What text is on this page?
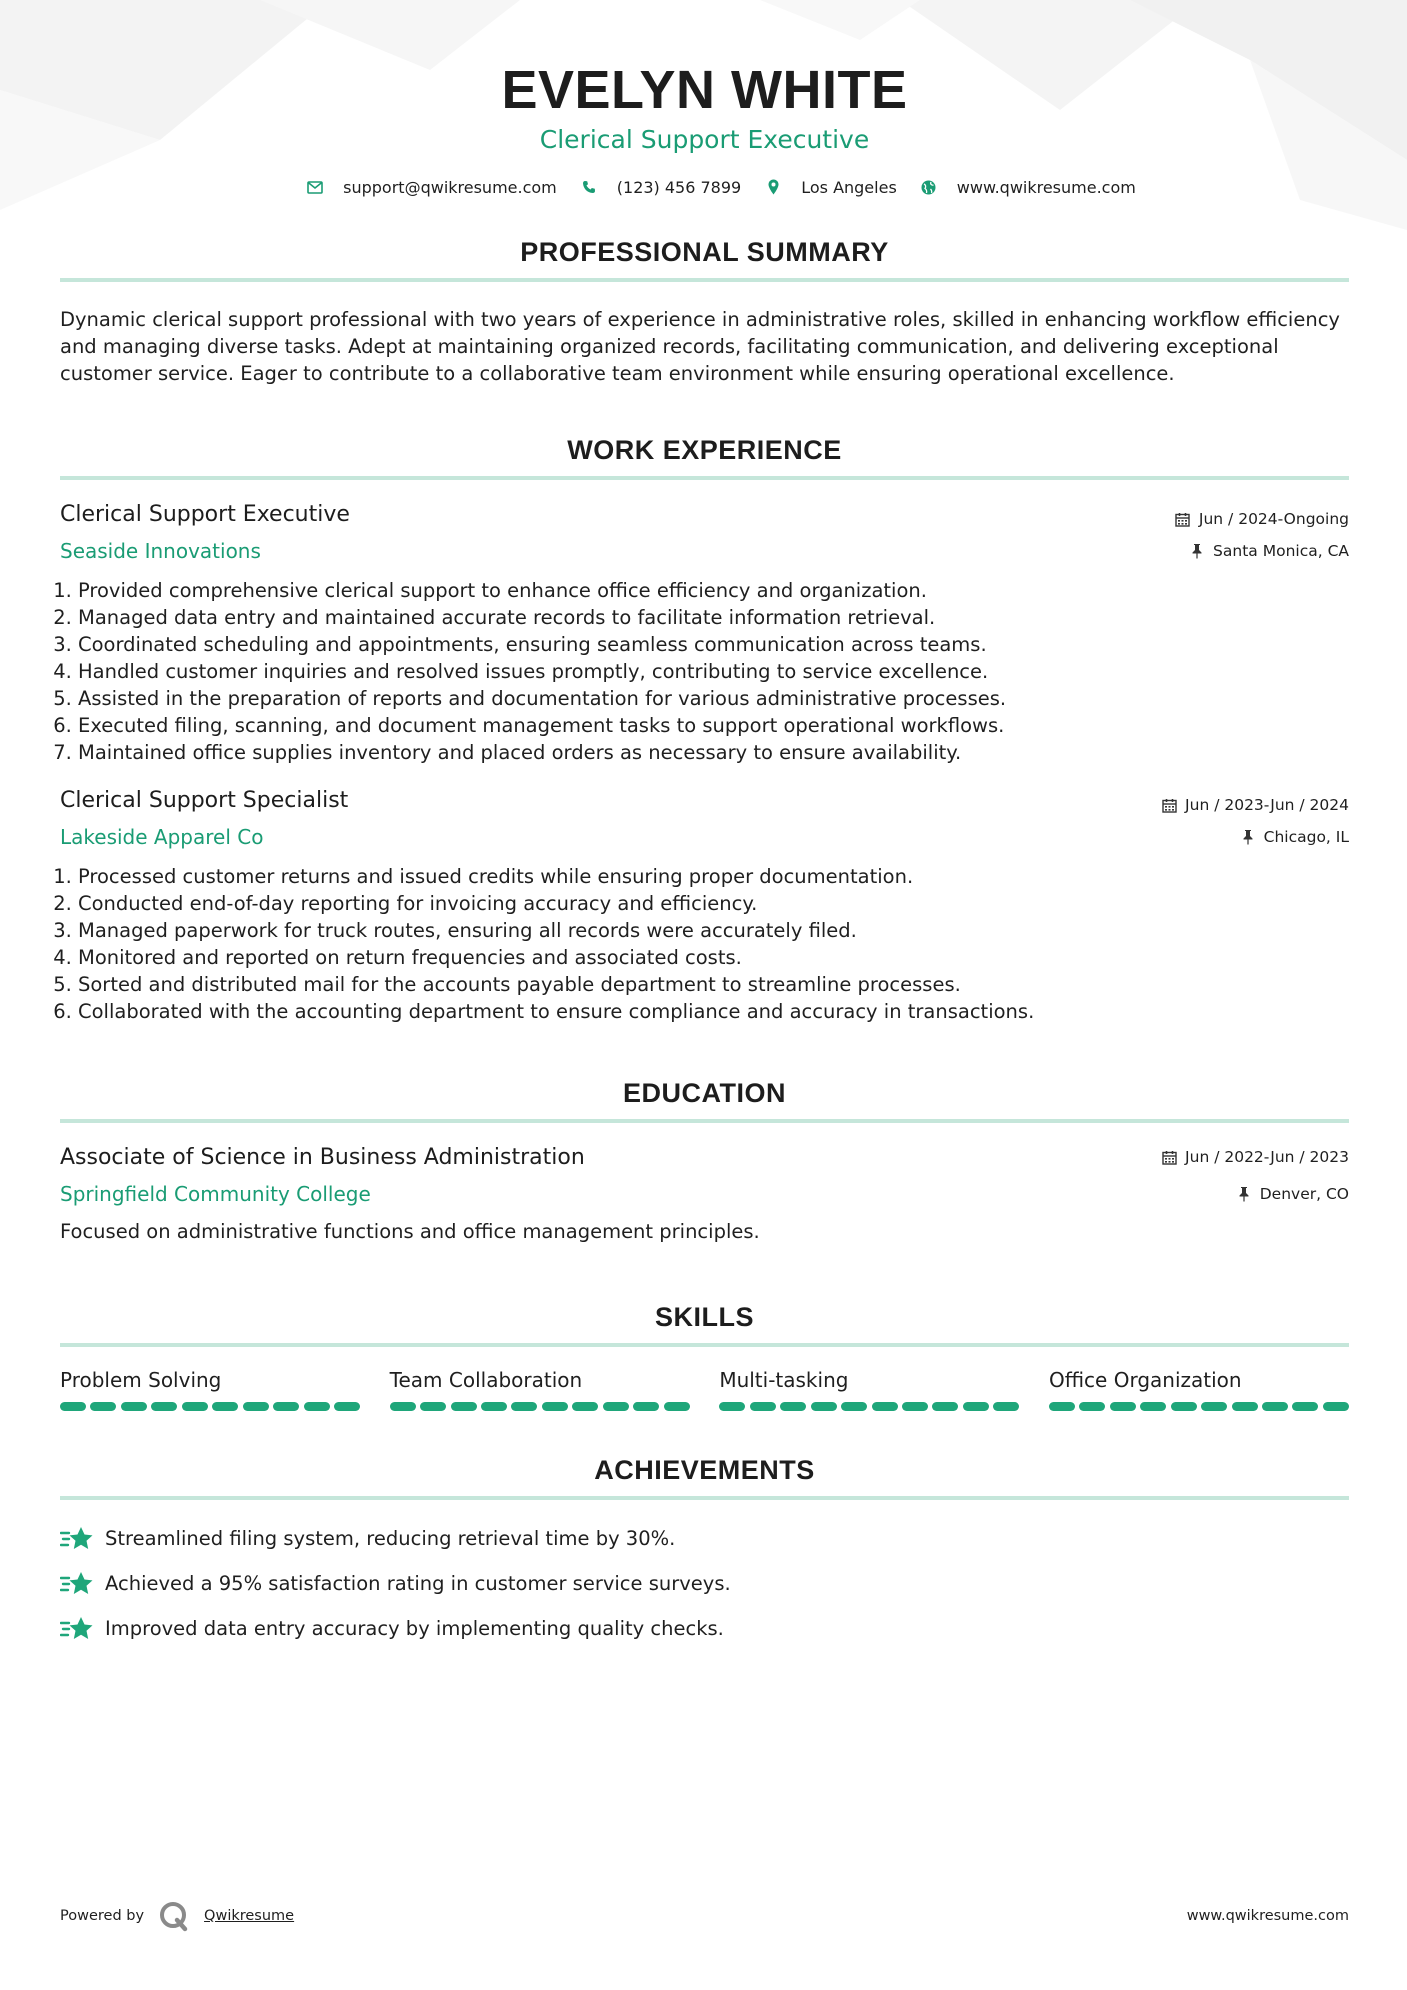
EVELYN WHITE
Clerical Support Executive
support@qwikresume.com	(123) 456 7899	Los Angeles	www.qwikresume.com
PROFESSIONAL SUMMARY

Dynamic clerical support professional with two years of experience in administrative roles, skilled in enhancing workflow efficiency and managing diverse tasks. Adept at maintaining organized records, facilitating communication, and delivering exceptional customer service. Eager to contribute to a collaborative team environment while ensuring operational excellence.

WORK EXPERIENCE
Clerical Support Executive
Seaside Innovations
Jun / 2024-Ongoing
Santa Monica, CA
1. Provided comprehensive clerical support to enhance office efficiency and organization.
2. Managed data entry and maintained accurate records to facilitate information retrieval.
3. Coordinated scheduling and appointments, ensuring seamless communication across teams.
4. Handled customer inquiries and resolved issues promptly, contributing to service excellence.
5. Assisted in the preparation of reports and documentation for various administrative processes.
6. Executed filing, scanning, and document management tasks to support operational workflows.
7. Maintained office supplies inventory and placed orders as necessary to ensure availability.
Clerical Support Specialist
Lakeside Apparel Co
Jun / 2023-Jun / 2024
Chicago, IL
1. Processed customer returns and issued credits while ensuring proper documentation.
2. Conducted end-of-day reporting for invoicing accuracy and efficiency.
3. Managed paperwork for truck routes, ensuring all records were accurately filed.
4. Monitored and reported on return frequencies and associated costs.
5. Sorted and distributed mail for the accounts payable department to streamline processes.
6. Collaborated with the accounting department to ensure compliance and accuracy in transactions.
EDUCATION
Associate of Science in Business Administration
Springfield Community College
Jun / 2022-Jun / 2023
Denver, CO

Focused on administrative functions and office management principles.

SKILLS
Problem Solving	Team Collaboration	Multi-tasking	Office Organization
ACHIEVEMENTS
Streamlined filing system, reducing retrieval time by 30%.
Achieved a 95% satisfaction rating in customer service surveys.
Improved data entry accuracy by implementing quality checks.
Powered by	Qwikresume	www.qwikresume.com
